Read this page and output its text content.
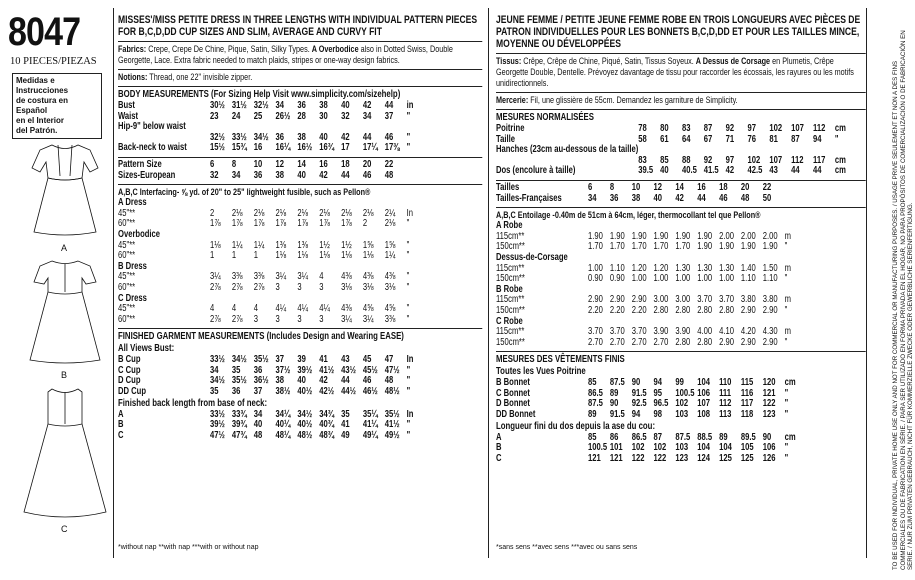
8047
10 PIECES/PIEZAS
Medidas e Instrucciones
de costura en Español
en el Interior
del Patrón.
A
B
C

MISSES'/MISS PETITE DRESS IN THREE LENGTHS WITH INDIVIDUAL PATTERN PIECES FOR B,C,D,DD CUP SIZES AND SLIM, AVERAGE AND CURVY FIT

Fabrics: Crepe, Crepe De Chine, Pique, Satin, Silky Types. A Overbodice also in Dotted Swiss, Double Georgette, Lace. Extra fabric needed to match plaids, stripes or one-way design fabrics.

Notions: Thread, one 22" invisible zipper.

BODY MEASUREMENTS (For Sizing Help Visit www.simplicity.com/sizehelp)

Bust	30½	31½	32½	34	36	38	40	42	44	in
Waist	23	24	25	26½	28	30	32	34	37	"
Hip-9" below waist										
	32½	33½	34½	36	38	40	42	44	46	"
Back-neck to waist	15½	15¾	16	16¼	16½	16¾	17	17¼	17⅜	"
Pattern Size	6	8	10	12	14	16	18	20	22
Sizes-European	32	34	36	38	40	42	44	46	48

A,B,C Interfacing- ⅝ yd. of 20" to 25" lightweight fusible, such as Pellon®

A Dress										
45"**	2	2⅛	2⅛	2⅛	2⅛	2⅛	2⅛	2⅛	2¼	In
60"**	1⅞	1⅞	1⅞	1⅞	1⅞	1⅞	1⅞	2	2⅛	"
Overbodice										
45"**	1⅛	1¼	1¼	1⅜	1⅜	1½	1½	1⅝	1⅝	"
60"**	1	1	1	1⅛	1⅛	1⅛	1⅛	1⅛	1¼	"
B Dress										
45"**	3¼	3⅜	3⅜	3¼	3¼	4	4⅜	4⅜	4⅜	"
60"**	2⅞	2⅞	2⅞	3	3	3	3⅛	3⅛	3⅛	"
C Dress										
45"**	4	4	4	4¼	4¼	4¼	4⅜	4⅝	4⅝	"
60"**	2⅞	2⅞	3	3	3	3	3¼	3¼	3⅜	"

FINISHED GARMENT MEASUREMENTS (Includes Design and Wearing EASE)

All Views Bust:

B Cup	33½	34½	35½	37	39	41	43	45	47	In
C Cup	34	35	36	37½	39½	41½	43½	45½	47½	"
D Cup	34½	35½	36½	38	40	42	44	46	48	"
DD Cup	35	36	37	38½	40½	42½	44½	46½	48½	"

Finished back length from base of neck:

A	33½	33¾	34	34¼	34½	34¾	35	35¼	35½	In
B	39½	39¾	40	40¼	40½	40¾	41	41¼	41½	"
C	47½	47¾	48	48¼	48½	48¾	49	49¼	49½	"
*without nap **with nap ***with or without nap

JEUNE FEMME / PETITE JEUNE FEMME ROBE EN TROIS LONGUEURS AVEC PIÈCES DE PATRON INDIVIDUELLES POUR LES BONNETS B,C,D,DD ET POUR LES TAILLES MINCE, MOYENNE OU DÉVELOPPÉES

Tissus: Crêpe, Crêpe de Chine, Piqué, Satin, Tissus Soyeux. A Dessus de Corsage en Plumetis, Crêpe Georgette Double, Dentelle. Prévoyez davantage de tissu pour raccorder les écossais, les rayures ou les motifs unidirectionnels.

Mercerie: Fil, une glissière de 55cm. Demandez les garniture de Simplicity.

MESURES NORMALISÉES

Poitrine	78	80	83	87	92	97	102	107	112	cm
Taille	58	61	64	67	71	76	81	87	94	"
Hanches (23cm au-dessous de la taille)										
	83	85	88	92	97	102	107	112	117	cm
Dos (encolure à taille)	39.5	40	40.5	41.5	42	42.5	43	44	44	cm
Tailles	6	8	10	12	14	16	18	20	22
Tailles-Françaises	34	36	38	40	42	44	46	48	50

A,B,C Entoilage -0.40m de 51cm à 64cm, léger, thermocollant tel que Pellon®

A Robe										
115cm**	1.90	1.90	1.90	1.90	1.90	1.90	2.00	2.00	2.00	m
150cm**	1.70	1.70	1.70	1.70	1.70	1.90	1.90	1.90	1.90	"
Dessus-de-Corsage										
115cm**	1.00	1.10	1.20	1.20	1.30	1.30	1.30	1.40	1.50	m
150cm**	0.90	0.90	1.00	1.00	1.00	1.00	1.00	1.10	1.10	"
B Robe										
115cm**	2.90	2.90	2.90	3.00	3.00	3.70	3.70	3.80	3.80	m
150cm**	2.20	2.20	2.20	2.80	2.80	2.80	2.80	2.90	2.90	"
C Robe										
115cm**	3.70	3.70	3.70	3.90	3.90	4.00	4.10	4.20	4.30	m
150cm**	2.70	2.70	2.70	2.70	2.80	2.80	2.90	2.90	2.90	"

MESURES DES VÊTEMENTS FINIS

Toutes les Vues Poitrine

B Bonnet	85	87.5	90	94	99	104	110	115	120	cm
C Bonnet	86.5	89	91.5	95	100.5	106	111	116	121	"
D Bonnet	87.5	90	92.5	96.5	102	107	112	117	122	"
DD Bonnet	89	91.5	94	98	103	108	113	118	123	"

Longueur fini du dos depuis la ase du cou:

A	85	86	86.5	87	87.5	88.5	89	89.5	90	cm
B	100.5	101	102	102	103	104	104	105	106	"
C	121	121	122	122	123	124	125	125	126	"
*sans sens **avec sens ***avec ou sans sens	TO BE USED FOR INDIVIDUAL, PRIVATE HOME USE ONLY AND NOT FOR COMMERCIAL OR MANUFACTURING PURPOSES. / USAGE PRIVE SEULEMENT ET NON A DES FINS COMMERCIALES OU DE FABRICATION EN SÉRIE. / PARA SER UTILIZADO EN FORMA PRIVADA EN EL HOGAR, NO PARA PROPÓSITOS DE COMERCIALIZACIÓN O DE FABRICACIÓN EN SERIE. / NUR ZUM PRIVATEN GEBRAUCH, NICHT FÜR KOMMERZIELLE ZWECKE ODER GEWERBLICHE SERIENFERTIGUNG.
